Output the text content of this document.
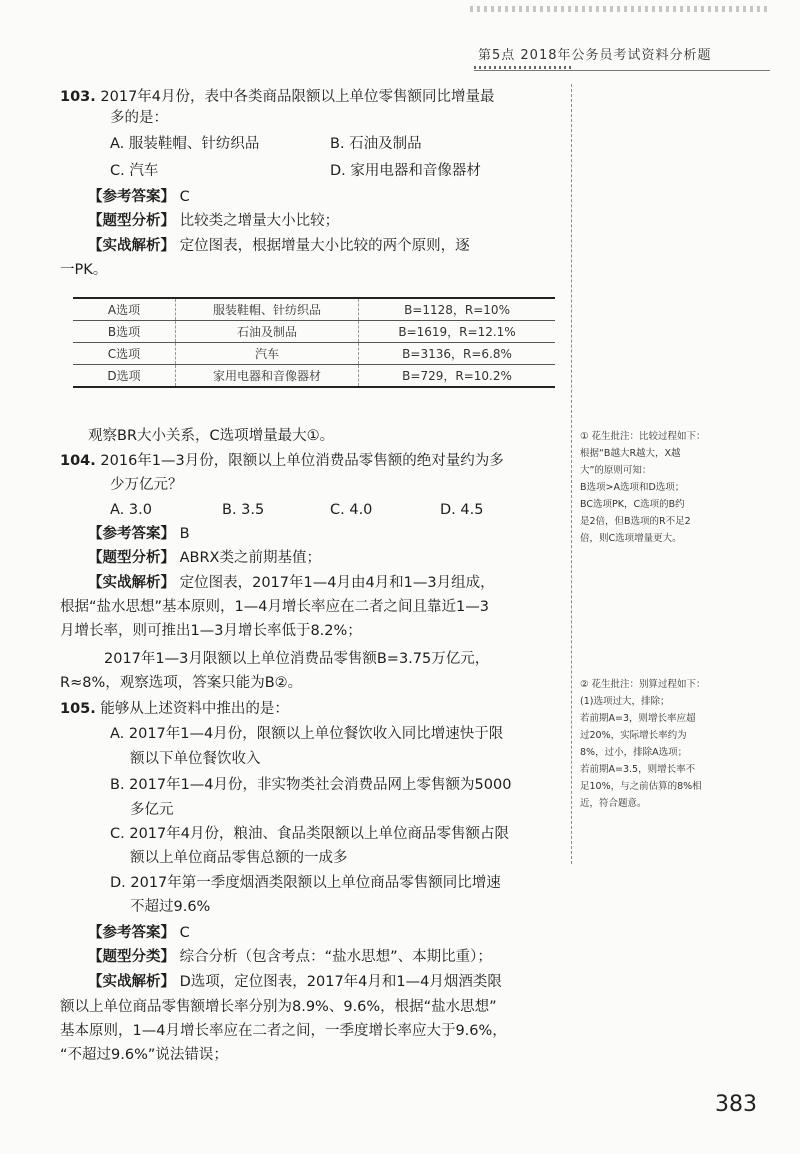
第5点 2018年公务员考试资料分析题
103. 2017年4月份，表中各类商品限额以上单位零售额同比增量最
多的是：
A. 服装鞋帽、针纺织品	B. 石油及制品
C. 汽车	D. 家用电器和音像器材
【参考答案】 C
【题型分析】 比较类之增量大小比较；
【实战解析】 定位图表，根据增量大小比较的两个原则，逐
一PK。
A选项	服装鞋帽、针纺织品	B=1128，R=10%
B选项	石油及制品	B=1619，R=12.1%
C选项	汽车	B=3136，R=6.8%
D选项	家用电器和音像器材	B=729，R=10.2%
观察BR大小关系，C选项增量最大①。
104. 2016年1—3月份，限额以上单位消费品零售额的绝对量约为多
少万亿元？
A. 3.0	B. 3.5	C. 4.0	D. 4.5
【参考答案】 B
【题型分析】 ABRX类之前期基值；
【实战解析】 定位图表，2017年1—4月由4月和1—3月组成，
根据“盐水思想”基本原则，1—4月增长率应在二者之间且靠近1—3
月增长率，则可推出1—3月增长率低于8.2%；
2017年1—3月限额以上单位消费品零售额B=3.75万亿元，
R≈8%，观察选项，答案只能为B②。
105. 能够从上述资料中推出的是：
A. 2017年1—4月份，限额以上单位餐饮收入同比增速快于限
额以下单位餐饮收入
B. 2017年1—4月份，非实物类社会消费品网上零售额为5000
多亿元
C. 2017年4月份，粮油、食品类限额以上单位商品零售额占限
额以上单位商品零售总额的一成多
D. 2017年第一季度烟酒类限额以上单位商品零售额同比增速
不超过9.6%
【参考答案】 C
【题型分类】 综合分析（包含考点：“盐水思想”、本期比重）；
【实战解析】 D选项，定位图表，2017年4月和1—4月烟酒类限
额以上单位商品零售额增长率分别为8.9%、9.6%，根据“盐水思想”
基本原则，1—4月增长率应在二者之间，一季度增长率应大于9.6%，
“不超过9.6%”说法错误；
① 花生批注：比较过程如下：
根据“B越大R越大，X越
大”的原则可知：
B选项>A选项和D选项；
BC选项PK，C选项的B约
是2倍，但B选项的R不足2
倍，则C选项增量更大。
② 花生批注：别算过程如下：
(1)选项过大，排除；
若前期A=3，则增长率应超
过20%，实际增长率约为
8%，过小，排除A选项；
若前期A=3.5，则增长率不
足10%，与之前估算的8%相
近，符合题意。
383
